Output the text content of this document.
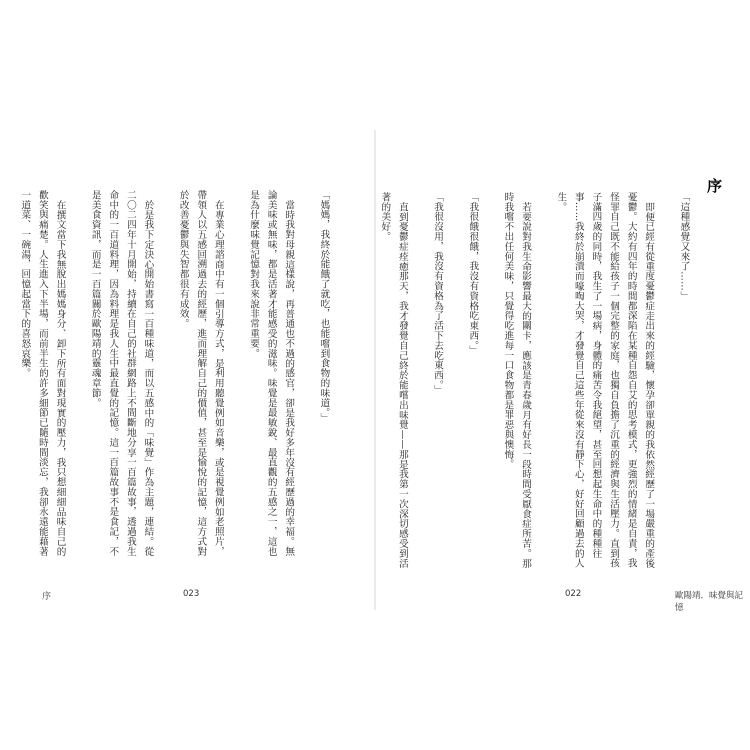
「媽媽，我終於能餓了就吃，也能嚐到食物的味道。」

當時我對母親這樣說，再普通也不過的感官，卻是我好多年沒有經歷過的幸福。無論美味或無味，都是活著才能感受的滋味。味覺是最敏銳、最直觀的五感之一，這也是為什麼味覺記憶對我來說非常重要。

在專業心理諮商中有一個引導方式，是利用聽覺例如音樂，或是視覺例如老照片，帶領人以五感回溯過去的經歷，進而理解自己的價值，甚至是愉悅的記憶，這方式對於改善憂鬱與失智都很有成效。

於是我下定決心開始書寫一百種味道，而以五感中的「味覺」作為主題，連結。從二〇二四年十月開始，持續在自己的社群網路上不間斷地分享一百篇故事，透過我生命中的一百道料理，因為料理是我人生中最直覺的記憶。這一百篇故事不是食記，不是美食資訊，而是一百篇關於歐陽靖的靈魂章節。

在撰文當下我無脫出媽媽身分、卸下所有面對現實的壓力，我只想細細品味自己的歡笑與痛楚。人生進入下半場，而前半生的許多細節已隨時間淡忘，我卻永遠能藉著一道菜、一碗湯，回憶起當下的喜怒哀樂。

序	023
序

「這種感覺又來了……」

即便已經有從重度憂鬱症走出來的經驗，懷孕卻單親的我依然經歷了一場嚴重的產後憂鬱。大約有四年的時間都深陷在某種自怨自艾的思考模式，更強烈的情緒是自責，我怪罪自己既不能給孩子一個完整的家庭，也獨自負擔了沉重的經濟與生活壓力。直到孩子滿四歲的同時，我生了一場病，身體的痛苦令我絕望，甚至回想起生命中的種種往事……我終於崩潰而嚎啕大哭，才發覺自己這些年從來沒有靜下心，好好回顧過去的人生。

若要說對我生命影響最大的關卡，應該是青春歲月有好長一段時間受厭食症所苦。那時我嚐不出任何美味，只覺得吃進每一口食物都是罪惡與懊悔。

「我很餓很餓，我沒有資格吃東西。」

「我很沒用，我沒有資格為了活下去吃東西。」

直到憂鬱症痊癒那天，我才發覺自己終於能嚐出味覺——那是我第一次深切感受到活著的美好。

022	歐陽靖．味覺與記憶
